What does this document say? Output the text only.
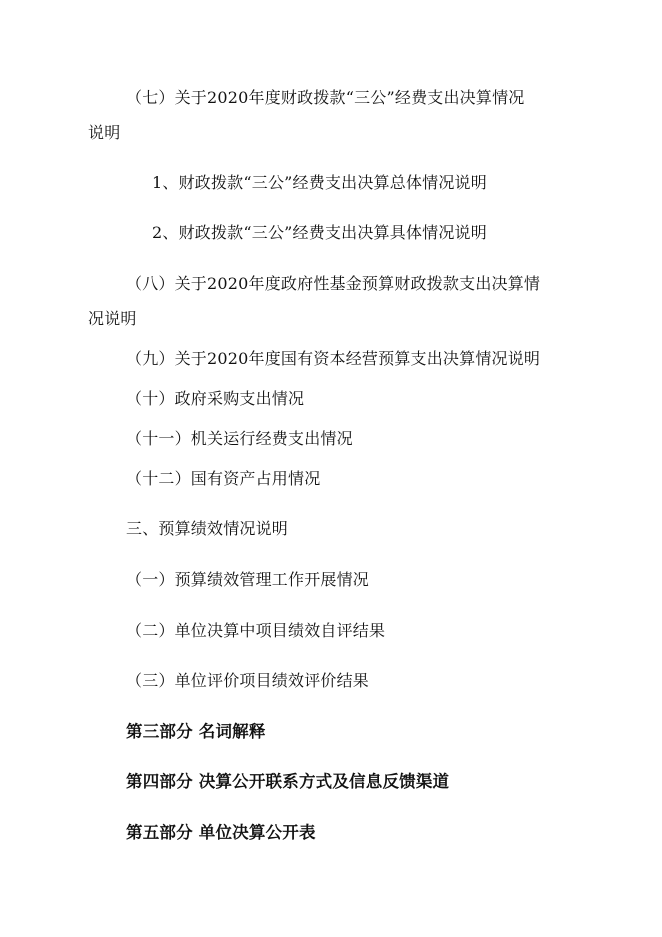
（七）关于2020年度财政拨款“三公”经费支出决算情况
说明
1、财政拨款“三公”经费支出决算总体情况说明
2、财政拨款“三公”经费支出决算具体情况说明
（八）关于2020年度政府性基金预算财政拨款支出决算情
况说明
（九）关于2020年度国有资本经营预算支出决算情况说明
（十）政府采购支出情况
（十一）机关运行经费支出情况
（十二）国有资产占用情况
三、预算绩效情况说明
（一）预算绩效管理工作开展情况
（二）单位决算中项目绩效自评结果
（三）单位评价项目绩效评价结果
第三部分 名词解释
第四部分 决算公开联系方式及信息反馈渠道
第五部分 单位决算公开表
